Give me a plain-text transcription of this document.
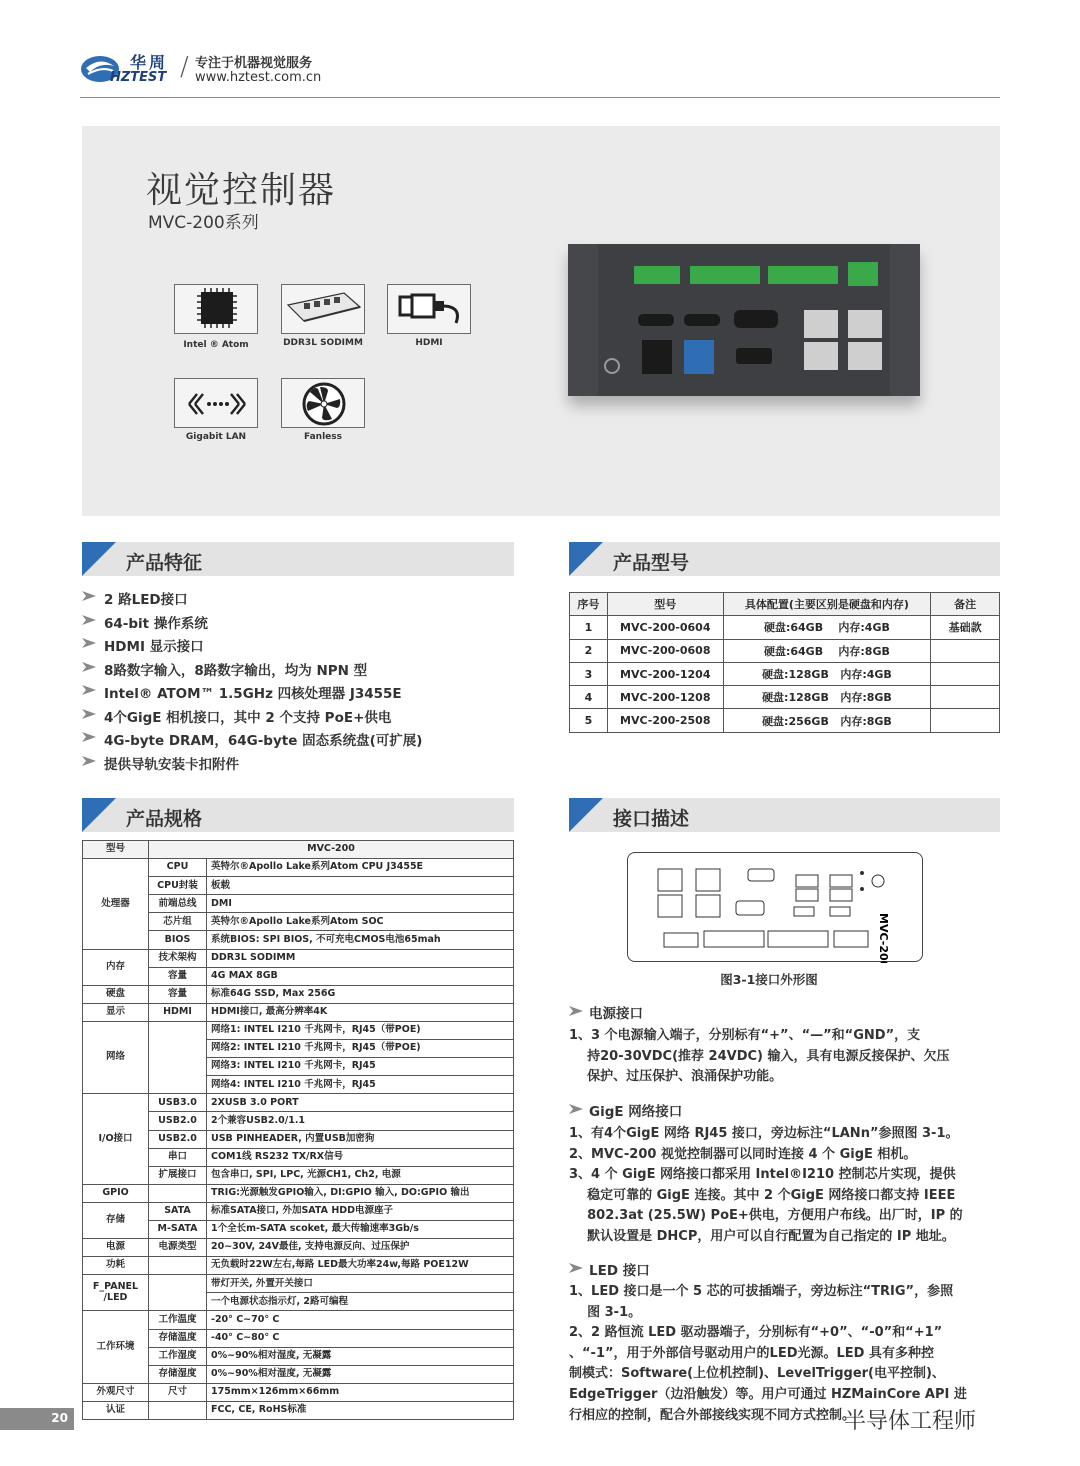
华周
HZTEST / 专注于机器视觉服务
www.hztest.com.cn
视觉控制器
MVC-200系列
Intel ® Atom	DDR3L SODIMM	HDMI
Gigabit LAN	Fanless
产品特征
2 路LED接口
64-bit 操作系统
HDMI 显示接口
8路数字输入，8路数字输出，均为 NPN 型
Intel® ATOM™ 1.5GHz 四核处理器 J3455E
4个GigE 相机接口，其中 2 个支持 PoE+供电
4G-byte DRAM，64G-byte 固态系统盘(可扩展)
提供导轨安装卡扣附件
产品型号
序号	型号	具体配置(主要区别是硬盘和内存)	备注
1	MVC-200-0604	硬盘:64GB    内存:4GB	基础款
2	MVC-200-0608	硬盘:64GB    内存:8GB	
3	MVC-200-1204	硬盘:128GB   内存:4GB	
4	MVC-200-1208	硬盘:128GB   内存:8GB	
5	MVC-200-2508	硬盘:256GB   内存:8GB	
产品规格
型号	MVC-200	
处理器	CPU	英特尔®Apollo Lake系列Atom CPU J3455E
	CPU封装	板载
	前端总线	DMI
	芯片组	英特尔®Apollo Lake系列Atom SOC
	BIOS	系统BIOS: SPI BIOS, 不可充电CMOS电池65mah
内存	技术架构	DDR3L SODIMM
	容量	4G MAX 8GB
硬盘	容量	标准64G SSD, Max 256G
显示	HDMI	HDMI接口, 最高分辨率4K
网络		网络1: INTEL I210 千兆网卡，RJ45（带POE)
		网络2: INTEL I210 千兆网卡，RJ45（带POE)
		网络3: INTEL I210 千兆网卡，RJ45
		网络4: INTEL I210 千兆网卡，RJ45
I/O接口	USB3.0	2XUSB 3.0 PORT
	USB2.0	2个兼容USB2.0/1.1
	USB2.0	USB PINHEADER, 内置USB加密狗
	串口	COM1线 RS232 TX/RX信号
	扩展接口	包含串口, SPI, LPC, 光源CH1, Ch2, 电源
GPIO		TRIG:光源触发GPIO输入, DI:GPIO 输入, DO:GPIO 输出
存储	SATA	标准SATA接口, 外加SATA HDD电源座子
	M-SATA	1个全长m-SATA scoket, 最大传输速率3Gb/s
电源	电源类型	20~30V, 24V最佳, 支持电源反向、过压保护
功耗		无负载时22W左右,每路 LED最大功率24w,每路 POE12W
F_PANEL /LED		带灯开关, 外置开关接口
		一个电源状态指示灯, 2路可编程
工作环境	工作温度	-20° C~70° C
	存储温度	-40° C~80° C
	工作湿度	0%~90%相对湿度, 无凝露
	存储湿度	0%~90%相对湿度, 无凝露
外观尺寸	尺寸	175mm×126mm×66mm
认证		FCC, CE, RoHS标准
接口描述
MVC-200
图3-1接口外形图
电源接口
1、3 个电源输入端子，分别标有“+”、“—”和“GND”，支
持20-30VDC(推荐 24VDC) 输入，具有电源反接保护、欠压
保护、过压保护、浪涌保护功能。
GigE 网络接口
1、有4个GigE 网络 RJ45 接口，旁边标注“LANn”参照图 3-1。
2、MVC-200 视觉控制器可以同时连接 4 个 GigE 相机。
3、4 个 GigE 网络接口都采用 Intel®I210 控制芯片实现，提供
稳定可靠的 GigE 连接。其中 2 个GigE 网络接口都支持 IEEE
802.3at (25.5W) PoE+供电，方便用户布线。出厂时，IP 的
默认设置是 DHCP，用户可以自行配置为自己指定的 IP 地址。
LED 接口
1、LED 接口是一个 5 芯的可拔插端子，旁边标注“TRIG”，参照
图 3-1。
2、2 路恒流 LED 驱动器端子，分别标有“+0”、“-0”和“+1”
、“-1”，用于外部信号驱动用户的LED光源。LED 具有多种控
制模式：Software(上位机控制)、LevelTrigger(电平控制)、
EdgeTrigger（边沿触发）等。用户可通过 HZMainCore API 进
行相应的控制，配合外部接线实现不同方式控制。
20	半导体工程师
